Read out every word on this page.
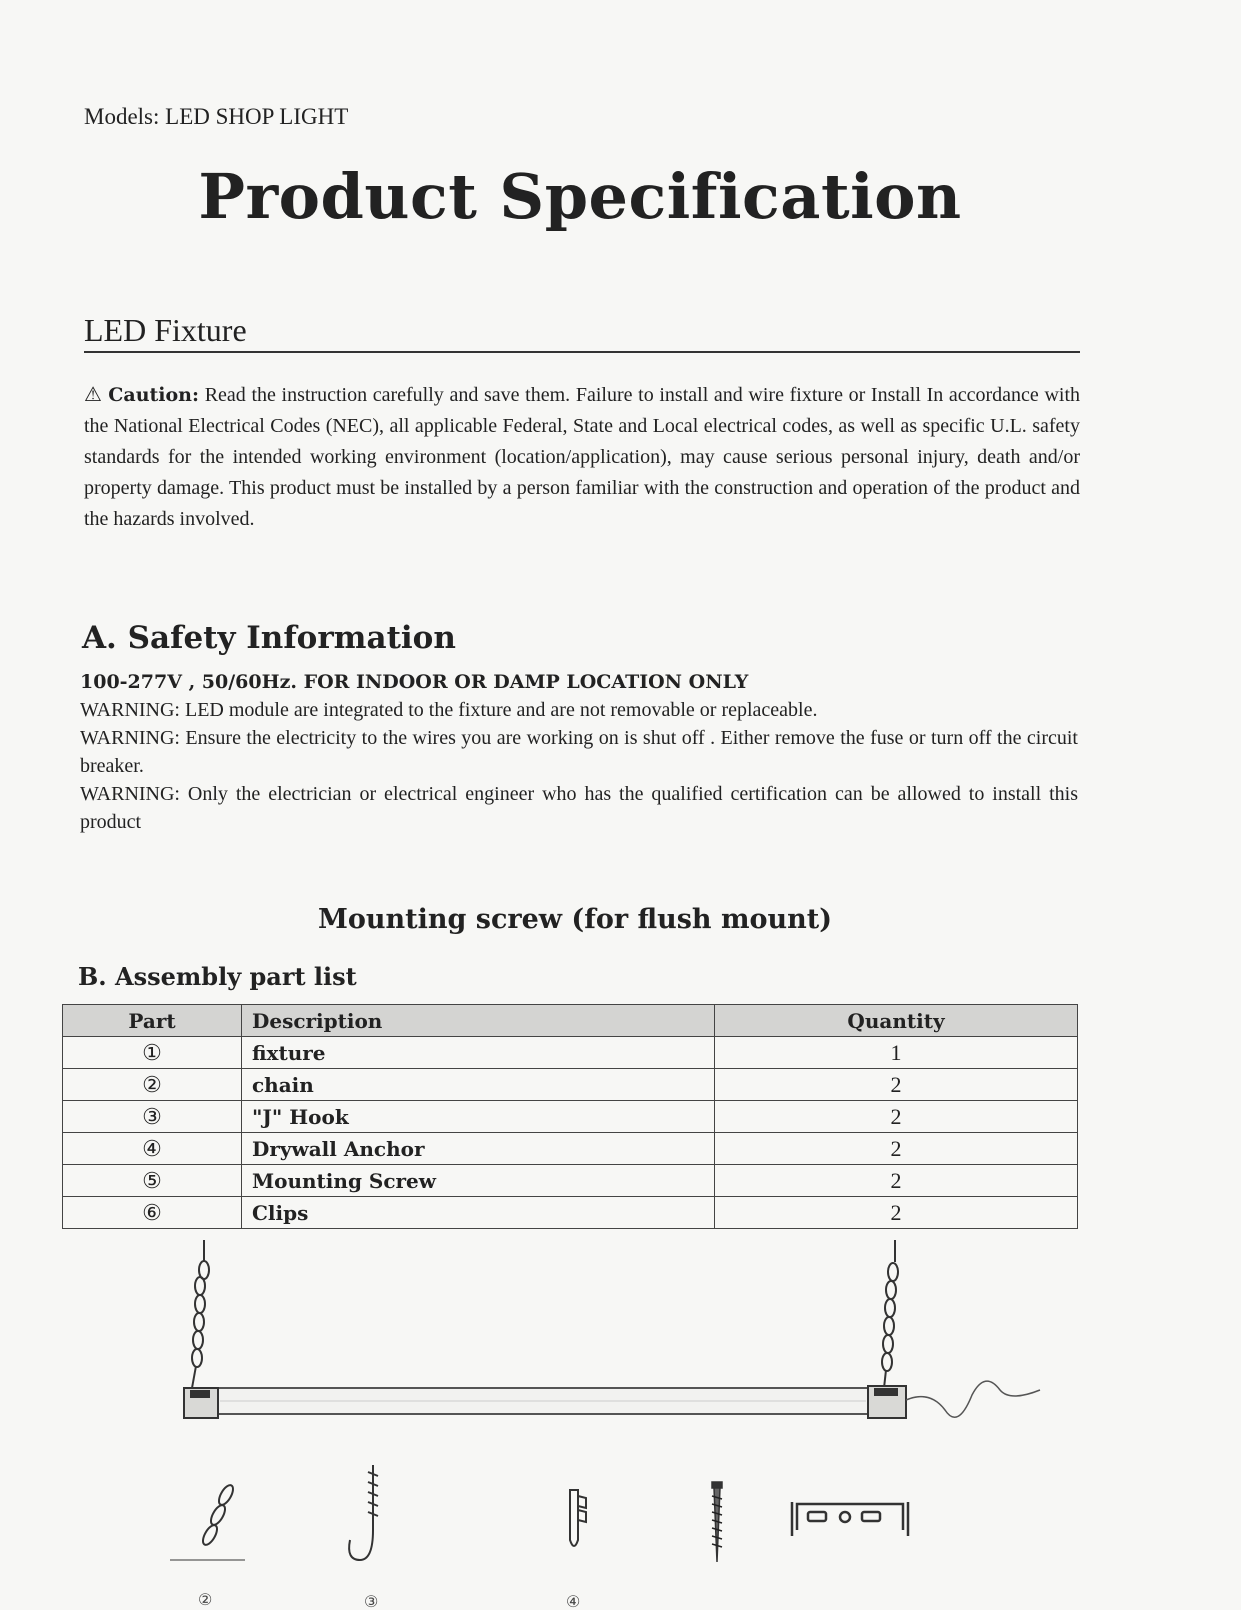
Models: LED SHOP LIGHT
Product Specification
LED Fixture

⚠ Caution: Read the instruction carefully and save them. Failure to install and wire fixture or Install In accordance with the National Electrical Codes (NEC), all applicable Federal, State and Local electrical codes, as well as specific U.L. safety standards for the intended working environment (location/application), may cause serious personal injury, death and/or property damage. This product must be installed by a person familiar with the construction and operation of the product and the hazards involved.

A. Safety Information

100-277V , 50/60Hz. FOR INDOOR OR DAMP LOCATION ONLY

WARNING: LED module are integrated to the fixture and are not removable or replaceable.

WARNING: Ensure the electricity to the wires you are working on is shut off . Either remove the fuse or turn off the circuit breaker.

WARNING: Only the electrician or electrical engineer who has the qualified certification can be allowed to install this product

Mounting screw (for flush mount)
B. Assembly part list
Part	Description	Quantity
①	fixture	1
②	chain	2
③	"J" Hook	2
④	Drywall Anchor	2
⑤	Mounting Screw	2
⑥	Clips	2
②	③	④
